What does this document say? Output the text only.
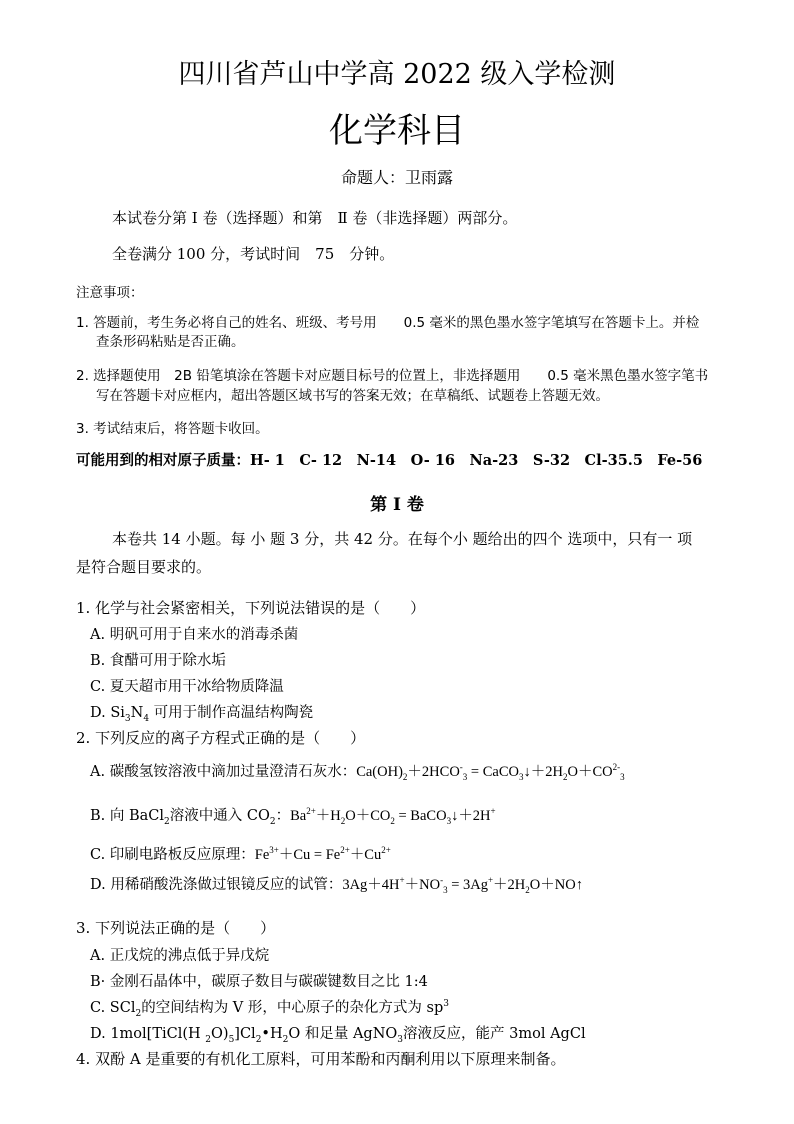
四川省芦山中学高 2022 级入学检测
化学科目
命题人：卫雨露
本试卷分第 Ⅰ 卷（选择题）和第　Ⅱ 卷（非选择题）两部分。
全卷满分 100 分，考试时间　75　分钟。
注意事项：
1. 答题前，考生务必将自己的姓名、班级、考号用　　0.5 毫米的黑色墨水签字笔填写在答题卡上。并检
查条形码粘贴是否正确。
2. 选择题使用　2B 铅笔填涂在答题卡对应题目标号的位置上，非选择题用　　0.5 毫米黑色墨水签字笔书
写在答题卡对应框内，超出答题区域书写的答案无效；在草稿纸、试题卷上答题无效。
3. 考试结束后，将答题卡收回。
可能用到的相对原子质量：H- 1　C- 12　N-14　O- 16　Na-23　S-32　Cl-35.5　Fe-56
第 Ⅰ 卷
本卷共 14 小题。每 小 题 3 分，共 42 分。在每个小 题给出的四个 选项中，只有一 项
是符合题目要求的。
1. 化学与社会紧密相关，下列说法错误的是（　　）
A. 明矾可用于自来水的消毒杀菌
B. 食醋可用于除水垢
C. 夏天超市用干冰给物质降温
D. $Si_3N_4$ 可用于制作高温结构陶瓷
2. 下列反应的离子方程式正确的是（　　）
A. 碳酸氢铵溶液中滴加过量澄清石灰水：$Ca(OH)_2+2HCO^-_3$ = $CaCO_3↓+2H_2O+CO^{2-}_3$
B. 向 BaCl$_2$溶液中通入 $CO_2$：$Ba^{2+}+H_2O+CO_2$ = BaCO$_3$↓＋2H+
C. 印刷电路板反应原理：$Fe^{3+}+Cu = Fe^{2+}+Cu^{2+}$
D. 用稀硝酸洗涤做过银镜反应的试管：$3Ag+4H^++NO^-_3$ = $3Ag^++2H_2O+NO↑$
3. 下列说法正确的是（　　）
A. 正戊烷的沸点低于异戊烷
B· 金刚石晶体中，碳原子数目与碳碳键数目之比 1:4
C. SCl$_2$的空间结构为 V 形，中心原子的杂化方式为 $sp^3$
D. 1mol[TiCl(H $_2O)_5]Cl_2•H_2O$ 和足量 AgNO$_3$溶液反应，能产 3mol AgCl
4. 双酚 A 是重要的有机化工原料，可用苯酚和丙酮利用以下原理来制备。
